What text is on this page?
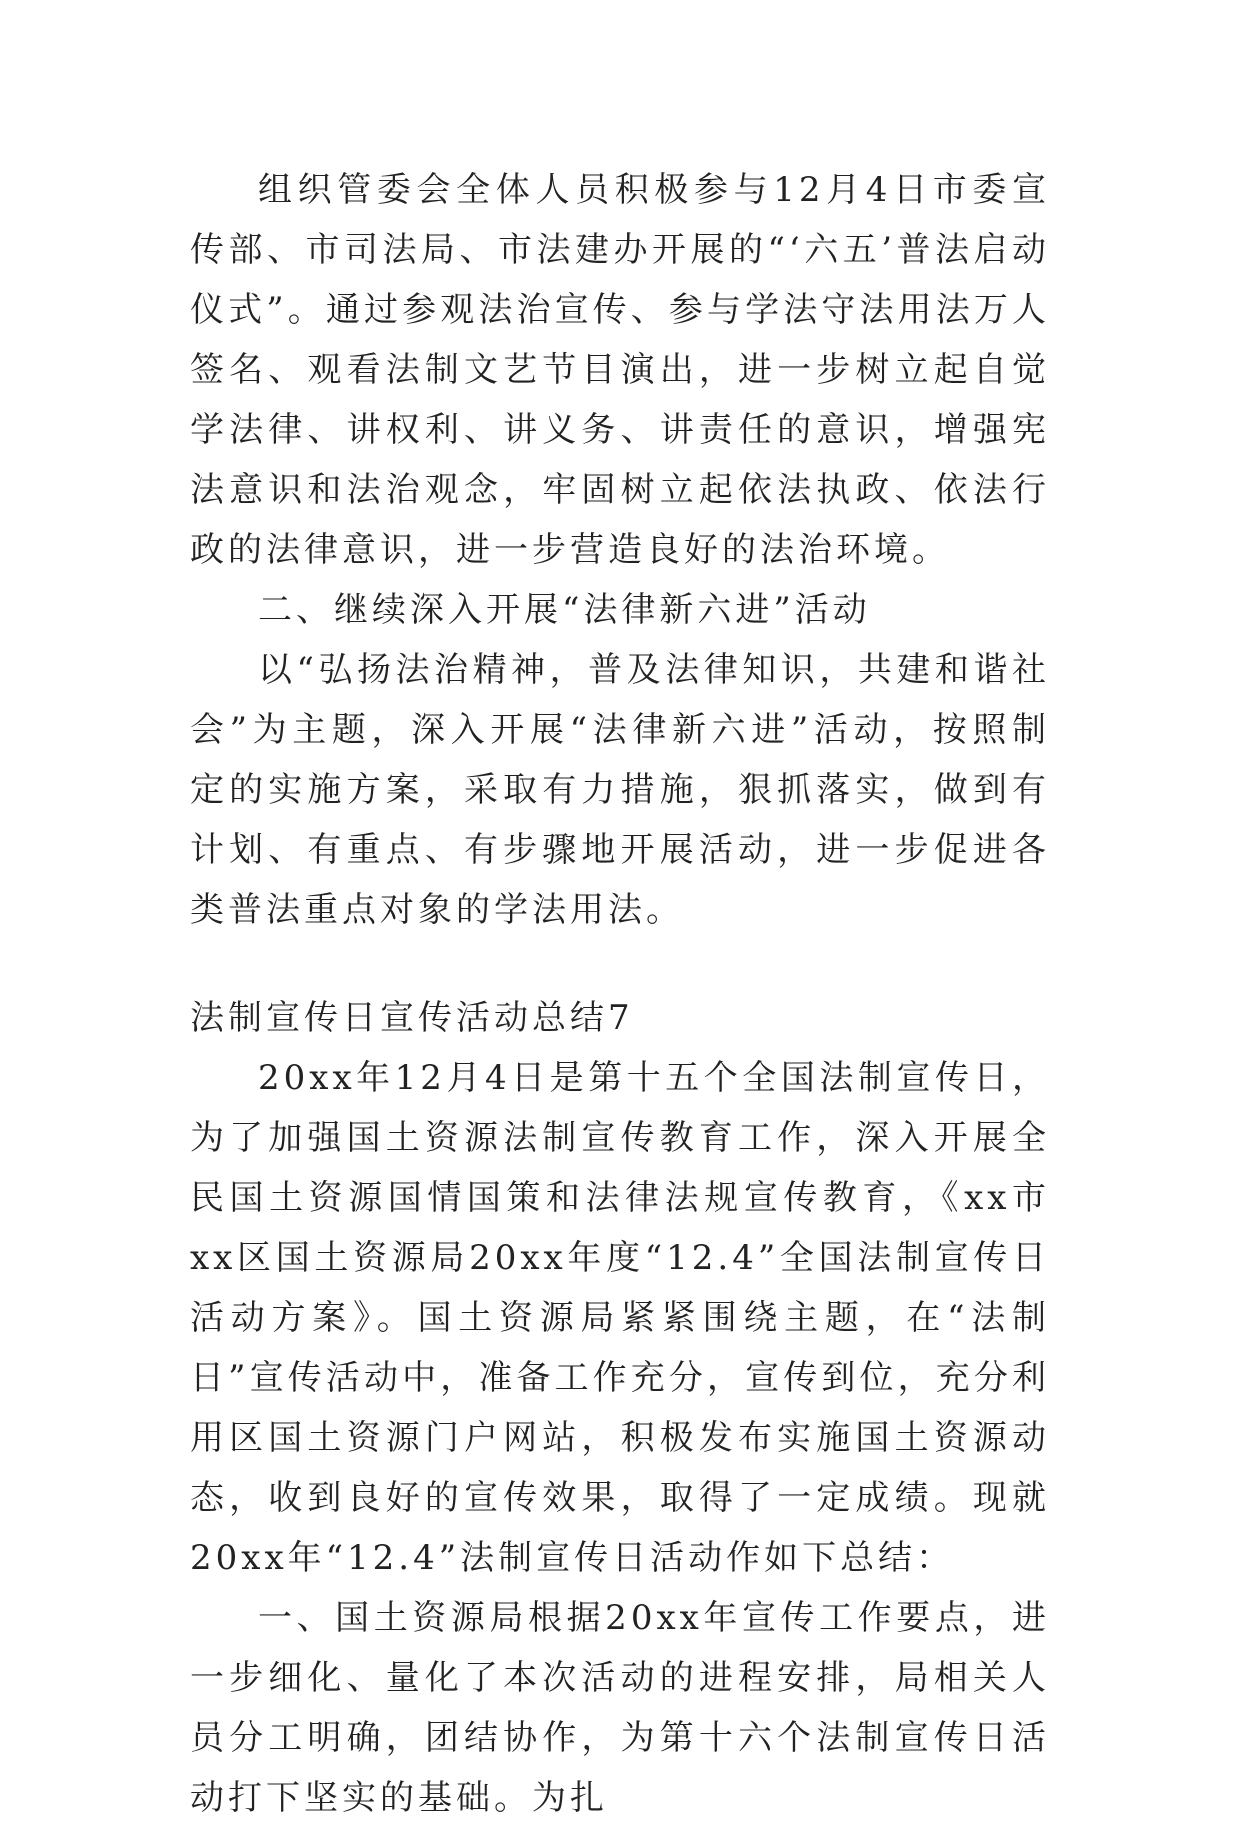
组织管委会全体人员积极参与12月4日市委宣传部、市司法局、市法建办开展的“‘六五’普法启动仪式”。通过参观法治宣传、参与学法守法用法万人签名、观看法制文艺节目演出，进一步树立起自觉学法律、讲权利、讲义务、讲责任的意识，增强宪法意识和法治观念，牢固树立起依法执政、依法行政的法律意识，进一步营造良好的法治环境。

二、继续深入开展“法律新六进”活动

以“弘扬法治精神，普及法律知识，共建和谐社会”为主题，深入开展“法律新六进”活动，按照制定的实施方案，采取有力措施，狠抓落实，做到有计划、有重点、有步骤地开展活动，进一步促进各类普法重点对象的学法用法。

法制宣传日宣传活动总结7

20xx年12月4日是第十五个全国法制宣传日，为了加强国土资源法制宣传教育工作，深入开展全民国土资源国情国策和法律法规宣传教育，《xx市xx区国土资源局20xx年度“12.4”全国法制宣传日活动方案》。国土资源局紧紧围绕主题，在“法制日”宣传活动中，准备工作充分，宣传到位，充分利用区国土资源门户网站，积极发布实施国土资源动态，收到良好的宣传效果，取得了一定成绩。现就20xx年“12.4”法制宣传日活动作如下总结：

一、国土资源局根据20xx年宣传工作要点，进一步细化、量化了本次活动的进程安排，局相关人员分工明确，团结协作，为第十六个法制宣传日活动打下坚实的基础。为扎
